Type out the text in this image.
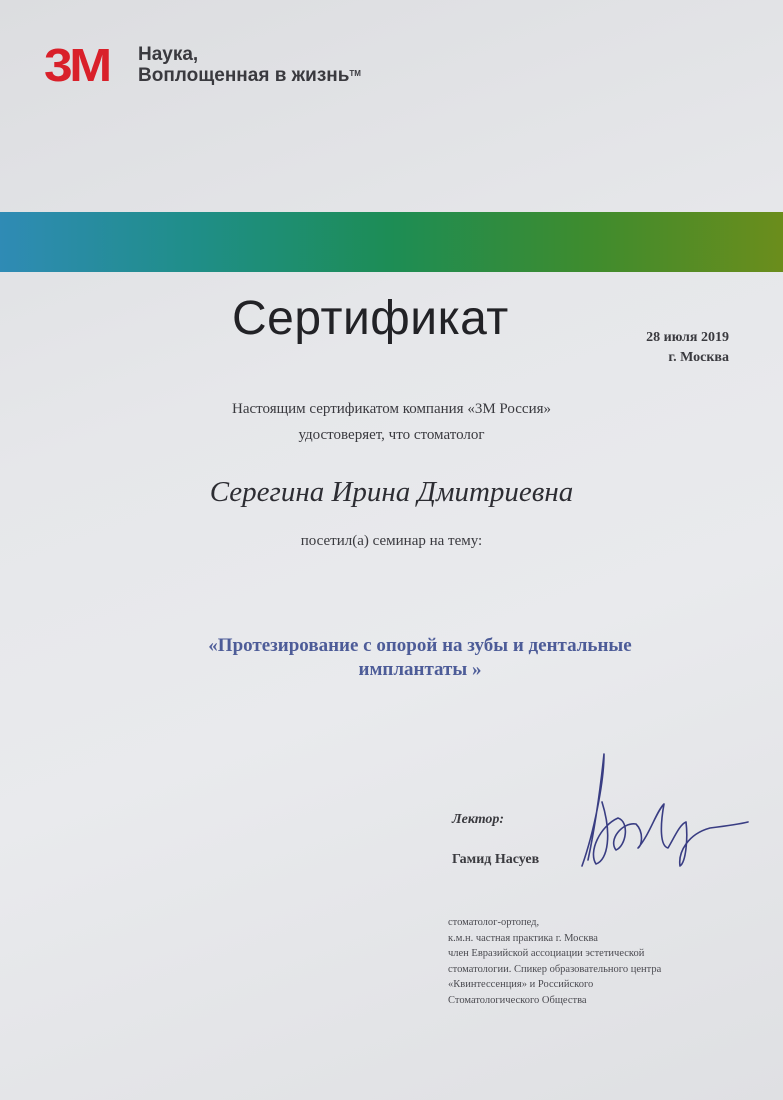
3M Наука,
Воплощенная в жизнь™
Сертификат	28 июля 2019
г. Москва
Настоящим сертификатом компания «3М Россия»
удостоверяет, что стоматолог
Серегина Ирина Дмитриевна
посетил(а) семинар на тему:
«Протезирование с опорой на зубы и дентальные
имплантаты »
Лектор:
Гамид Насуев
стоматолог-ортопед,
к.м.н. частная практика г. Москва
член Евразийской ассоциации эстетической
стоматологии. Спикер образовательного центра
«Квинтессенция» и Российского
Стоматологического Общества
